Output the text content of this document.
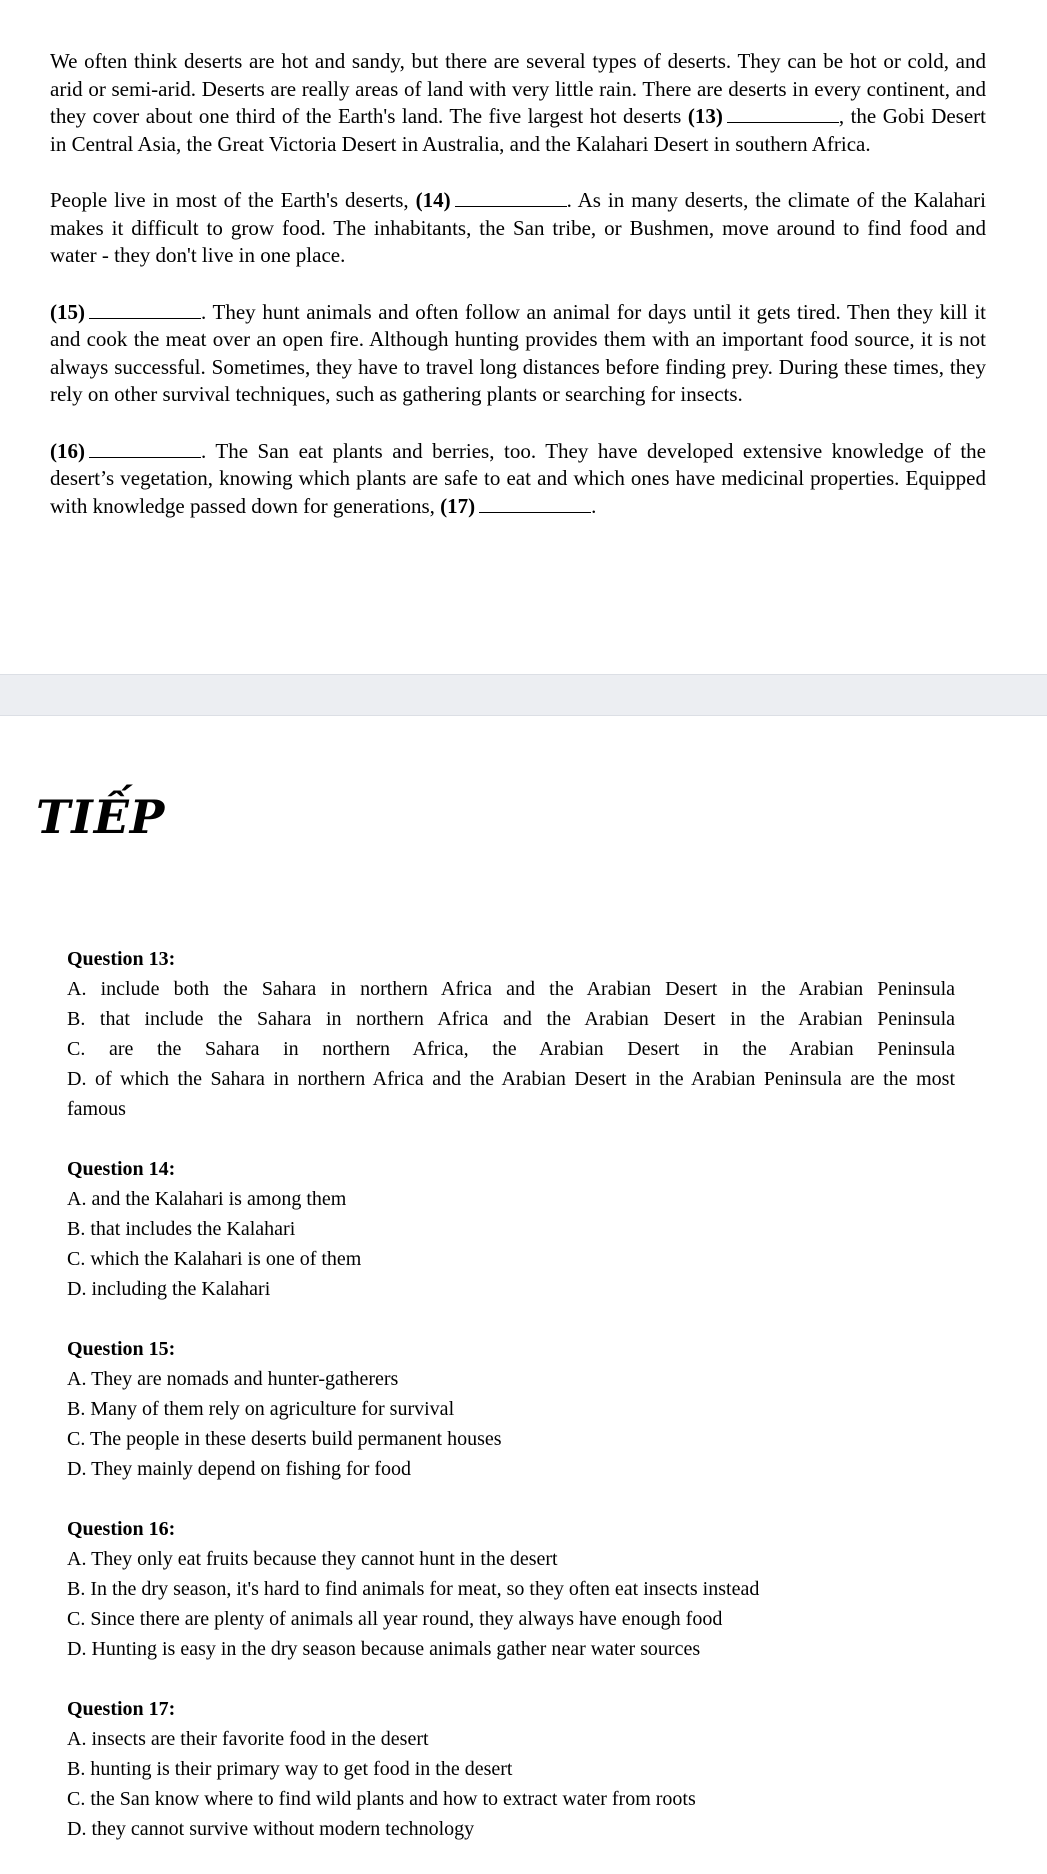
We often think deserts are hot and sandy, but there are several types of deserts. They can be hot or cold, and arid or semi-arid. Deserts are really areas of land with very little rain. There are deserts in every continent, and they cover about one third of the Earth's land. The five largest hot deserts (13)	, the Gobi Desert in Central Asia, the Great Victoria Desert in Australia, and the Kalahari Desert in southern Africa.

People live in most of the Earth's deserts, (14)	. As in many deserts, the climate of the Kalahari makes it difficult to grow food. The inhabitants, the San tribe, or Bushmen, move around to find food and water - they don't live in one place.

(15)	. They hunt animals and often follow an animal for days until it gets tired. Then they kill it and cook the meat over an open fire. Although hunting provides them with an important food source, it is not always successful. Sometimes, they have to travel long distances before finding prey. During these times, they rely on other survival techniques, such as gathering plants or searching for insects.

(16)	. The San eat plants and berries, too. They have developed extensive knowledge of the desert’s vegetation, knowing which plants are safe to eat and which ones have medicinal properties. Equipped with knowledge passed down for generations, (17)	.

TIẾP
Question 13:
A. include both the Sahara in northern Africa and the Arabian Desert in the Arabian Peninsula
B. that include the Sahara in northern Africa and the Arabian Desert in the Arabian Peninsula
C. are the Sahara in northern Africa, the Arabian Desert in the Arabian Peninsula
D. of which the Sahara in northern Africa and the Arabian Desert in the Arabian Peninsula are the most famous
Question 14:
A. and the Kalahari is among them
B. that includes the Kalahari
C. which the Kalahari is one of them
D. including the Kalahari
Question 15:
A. They are nomads and hunter-gatherers
B. Many of them rely on agriculture for survival
C. The people in these deserts build permanent houses
D. They mainly depend on fishing for food
Question 16:
A. They only eat fruits because they cannot hunt in the desert
B. In the dry season, it's hard to find animals for meat, so they often eat insects instead
C. Since there are plenty of animals all year round, they always have enough food
D. Hunting is easy in the dry season because animals gather near water sources
Question 17:
A. insects are their favorite food in the desert
B. hunting is their primary way to get food in the desert
C. the San know where to find wild plants and how to extract water from roots
D. they cannot survive without modern technology
